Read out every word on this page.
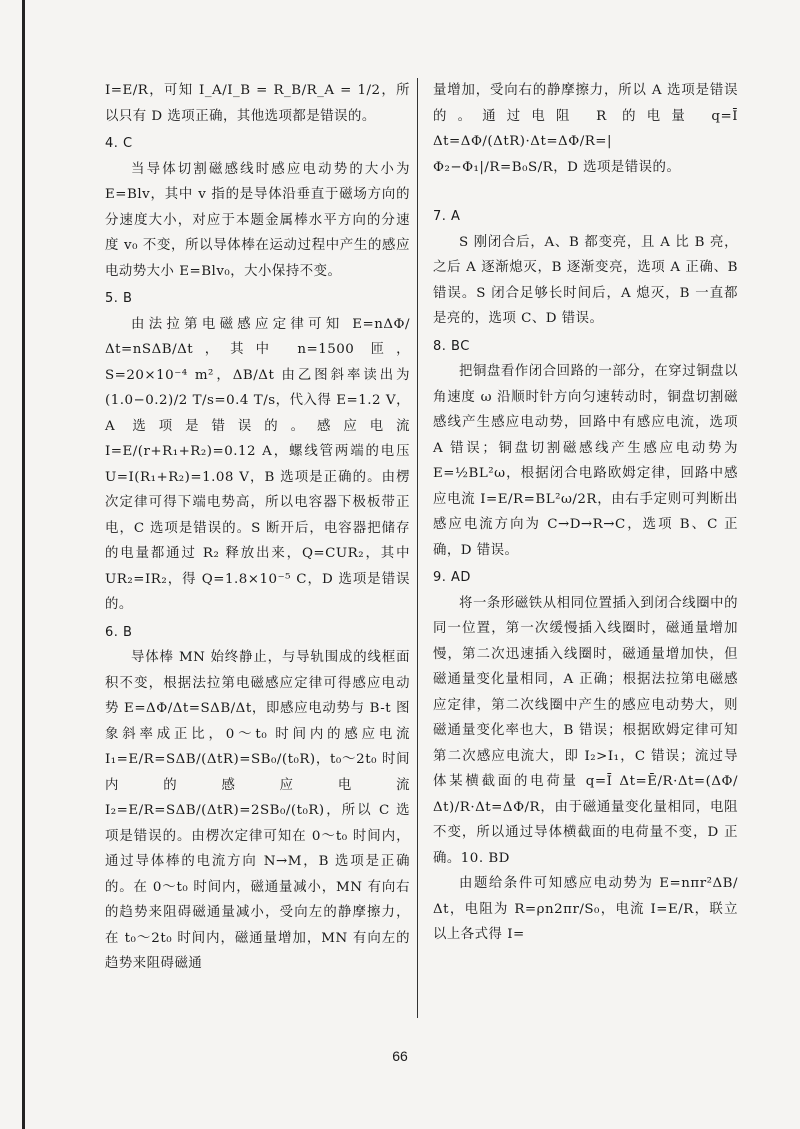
I=E/R，可知 I_A/I_B = R_B/R_A = 1/2，所以只有 D 选项正确，其他选项都是错误的。

4. C

当导体切割磁感线时感应电动势的大小为 E=Blv，其中 v 指的是导体沿垂直于磁场方向的分速度大小，对应于本题金属棒水平方向的分速度 v₀ 不变，所以导体棒在运动过程中产生的感应电动势大小 E=Blv₀，大小保持不变。

5. B

由法拉第电磁感应定律可知 E=nΔΦ/Δt=nSΔB/Δt，其中 n=1500 匝，S=20×10⁻⁴ m²，ΔB/Δt 由乙图斜率读出为 (1.0−0.2)/2 T/s=0.4 T/s，代入得 E=1.2 V，A 选项是错误的。感应电流 I=E/(r+R₁+R₂)=0.12 A，螺线管两端的电压 U=I(R₁+R₂)=1.08 V，B 选项是正确的。由楞次定律可得下端电势高，所以电容器下极板带正电，C 选项是错误的。S 断开后，电容器把储存的电量都通过 R₂ 释放出来，Q=CUR₂，其中 UR₂=IR₂，得 Q=1.8×10⁻⁵ C，D 选项是错误的。

6. B

导体棒 MN 始终静止，与导轨围成的线框面积不变，根据法拉第电磁感应定律可得感应电动势 E=ΔΦ/Δt=SΔB/Δt，即感应电动势与 B-t 图象斜率成正比，0～t₀ 时间内的感应电流 I₁=E/R=SΔB/(ΔtR)=SB₀/(t₀R)，t₀～2t₀ 时间内的感应电流 I₂=E/R=SΔB/(ΔtR)=2SB₀/(t₀R)，所以 C 选项是错误的。由楞次定律可知在 0～t₀ 时间内，通过导体棒的电流方向 N→M，B 选项是正确的。在 0～t₀ 时间内，磁通量减小，MN 有向右的趋势来阻碍磁通量减小，受向左的静摩擦力，在 t₀～2t₀ 时间内，磁通量增加，MN 有向左的趋势来阻碍磁通

量增加，受向右的静摩擦力，所以 A 选项是错误的。通过电阻 R 的电量 q=Ī Δt=ΔΦ/(ΔtR)·Δt=ΔΦ/R=|Φ₂−Φ₁|/R=B₀S/R，D 选项是错误的。

7. A

S 刚闭合后，A、B 都变亮，且 A 比 B 亮，之后 A 逐渐熄灭，B 逐渐变亮，选项 A 正确、B 错误。S 闭合足够长时间后，A 熄灭，B 一直都是亮的，选项 C、D 错误。

8. BC

把铜盘看作闭合回路的一部分，在穿过铜盘以角速度 ω 沿顺时针方向匀速转动时，铜盘切割磁感线产生感应电动势，回路中有感应电流，选项 A 错误；铜盘切割磁感线产生感应电动势为 E=½BL²ω，根据闭合电路欧姆定律，回路中感应电流 I=E/R=BL²ω/2R，由右手定则可判断出感应电流方向为 C→D→R→C，选项 B、C 正确，D 错误。

9. AD

将一条形磁铁从相同位置插入到闭合线圈中的同一位置，第一次缓慢插入线圈时，磁通量增加慢，第二次迅速插入线圈时，磁通量增加快，但磁通量变化量相同，A 正确；根据法拉第电磁感应定律，第二次线圈中产生的感应电动势大，则磁通量变化率也大，B 错误；根据欧姆定律可知第二次感应电流大，即 I₂>I₁，C 错误；流过导体某横截面的电荷量 q=Ī Δt=Ē/R·Δt=(ΔΦ/Δt)/R·Δt=ΔΦ/R，由于磁通量变化量相同，电阻不变，所以通过导体横截面的电荷量不变，D 正确。10. BD

由题给条件可知感应电动势为 E=nπr²ΔB/Δt，电阻为 R=ρn2πr/S₀，电流 I=E/R，联立以上各式得 I=

66
